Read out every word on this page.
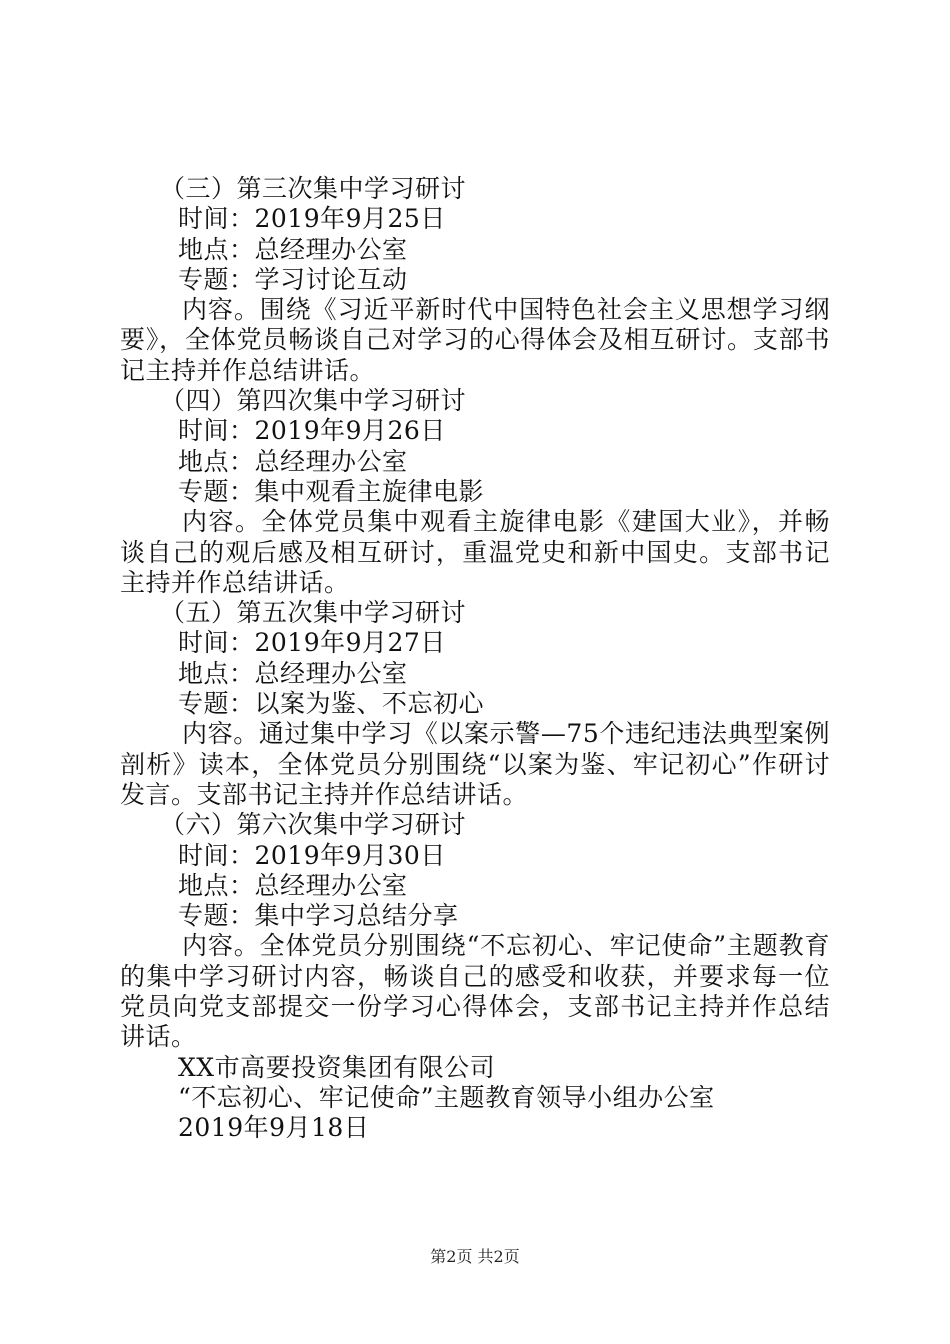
（三）第三次集中学习研讨
时间：2019年9月25日
地点：总经理办公室
专题：学习讨论互动

内容。围绕《习近平新时代中国特色社会主义思想学习纲要》，全体党员畅谈自己对学习的心得体会及相互研讨。支部书记主持并作总结讲话。

（四）第四次集中学习研讨
时间：2019年9月26日
地点：总经理办公室
专题：集中观看主旋律电影

内容。全体党员集中观看主旋律电影《建国大业》，并畅谈自己的观后感及相互研讨，重温党史和新中国史。支部书记主持并作总结讲话。

（五）第五次集中学习研讨
时间：2019年9月27日
地点：总经理办公室
专题：以案为鉴、不忘初心

内容。通过集中学习《以案示警—75个违纪违法典型案例剖析》读本，全体党员分别围绕“以案为鉴、牢记初心”作研讨发言。支部书记主持并作总结讲话。

（六）第六次集中学习研讨
时间：2019年9月30日
地点：总经理办公室
专题：集中学习总结分享

内容。全体党员分别围绕“不忘初心、牢记使命”主题教育的集中学习研讨内容，畅谈自己的感受和收获，并要求每一位党员向党支部提交一份学习心得体会，支部书记主持并作总结讲话。

XX市高要投资集团有限公司
“不忘初心、牢记使命”主题教育领导小组办公室
2019年9月18日
第2页 共2页
